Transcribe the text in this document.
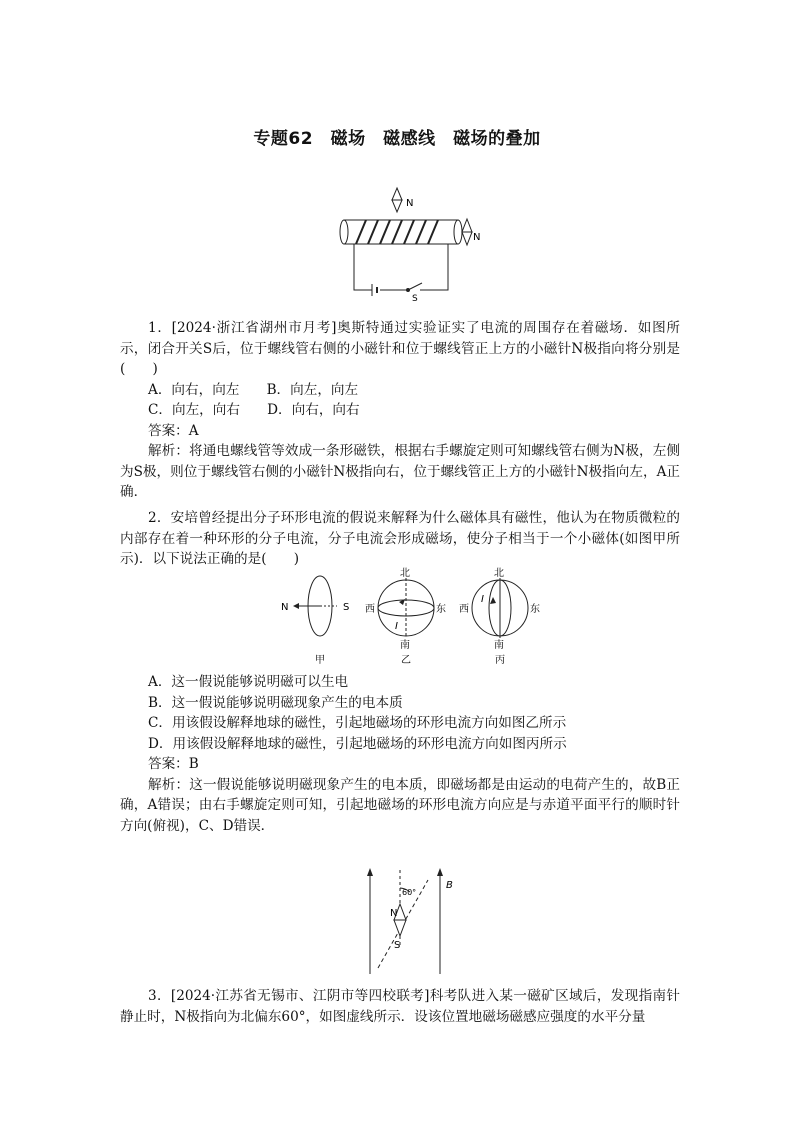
专题62　磁场　磁感线　磁场的叠加
N
N
S
1．[2024·浙江省湖州市月考]奥斯特通过实验证实了电流的周围存在着磁场．如图所示，闭合开关S后，位于螺线管右侧的小磁针和位于螺线管正上方的小磁针N极指向将分别是(　　)
A．向右，向左　　B．向左，向左
C．向左，向右　　D．向右，向右
答案：A
解析：将通电螺线管等效成一条形磁铁，根据右手螺旋定则可知螺线管右侧为N极，左侧为S极，则位于螺线管右侧的小磁针N极指向右，位于螺线管正上方的小磁针N极指向左，A正确．
2．安培曾经提出分子环形电流的假说来解释为什么磁体具有磁性，他认为在物质微粒的内部存在着一种环形的分子电流，分子电流会形成磁场，使分子相当于一个小磁体(如图甲所示)．以下说法正确的是(　　)
N	S
甲
北
南
西	东
I
乙
北
南
西	东
I
丙
A．这一假说能够说明磁可以生电
B．这一假说能够说明磁现象产生的电本质
C．用该假设解释地球的磁性，引起地磁场的环形电流方向如图乙所示
D．用该假设解释地球的磁性，引起地磁场的环形电流方向如图丙所示
答案：B
解析：这一假说能够说明磁现象产生的电本质，即磁场都是由运动的电荷产生的，故B正确，A错误；由右手螺旋定则可知，引起地磁场的环形电流方向应是与赤道平面平行的顺时针方向(俯视)，C、D错误．
60°
N
S
B
3．[2024·江苏省无锡市、江阴市等四校联考]科考队进入某一磁矿区域后，发现指南针静止时，N极指向为北偏东60°，如图虚线所示．设该位置地磁场磁感应强度的水平分量
